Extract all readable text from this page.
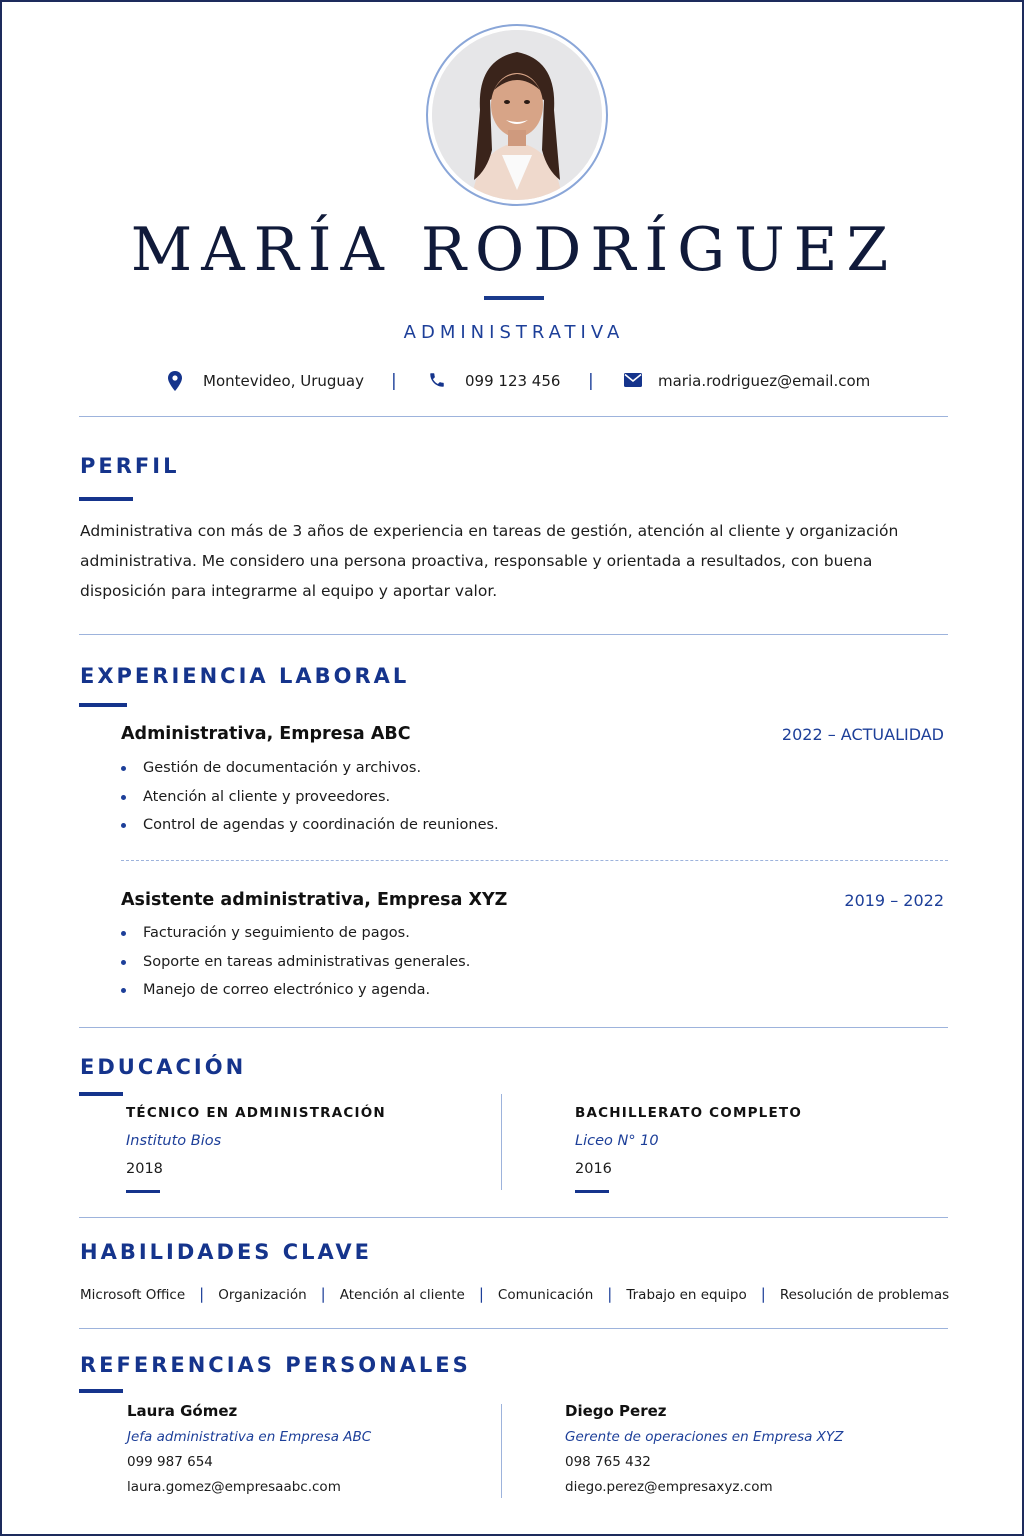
MARÍA RODRÍGUEZ
ADMINISTRATIVA
Montevideo, Uruguay |	099 123 456 |	maria.rodriguez@email.com
PERFIL

Administrativa con más de 3 años de experiencia en tareas de gestión, atención al cliente y organización administrativa. Me considero una persona proactiva, responsable y orientada a resultados, con buena disposición para integrarme al equipo y aportar valor.

EXPERIENCIA LABORAL
Administrativa, Empresa ABC	2022 – ACTUALIDAD
Gestión de documentación y archivos.
Atención al cliente y proveedores.
Control de agendas y coordinación de reuniones.
Asistente administrativa, Empresa XYZ	2019 – 2022
Facturación y seguimiento de pagos.
Soporte en tareas administrativas generales.
Manejo de correo electrónico y agenda.
EDUCACIÓN
TÉCNICO EN ADMINISTRACIÓN
Instituto Bios
2018
BACHILLERATO COMPLETO
Liceo N° 10
2016
HABILIDADES CLAVE
Microsoft Office | Organización | Atención al cliente | Comunicación | Trabajo en equipo | Resolución de problemas
REFERENCIAS PERSONALES
Laura Gómez
Jefa administrativa en Empresa ABC
099 987 654
laura.gomez@empresaabc.com
Diego Perez
Gerente de operaciones en Empresa XYZ
098 765 432
diego.perez@empresaxyz.com
